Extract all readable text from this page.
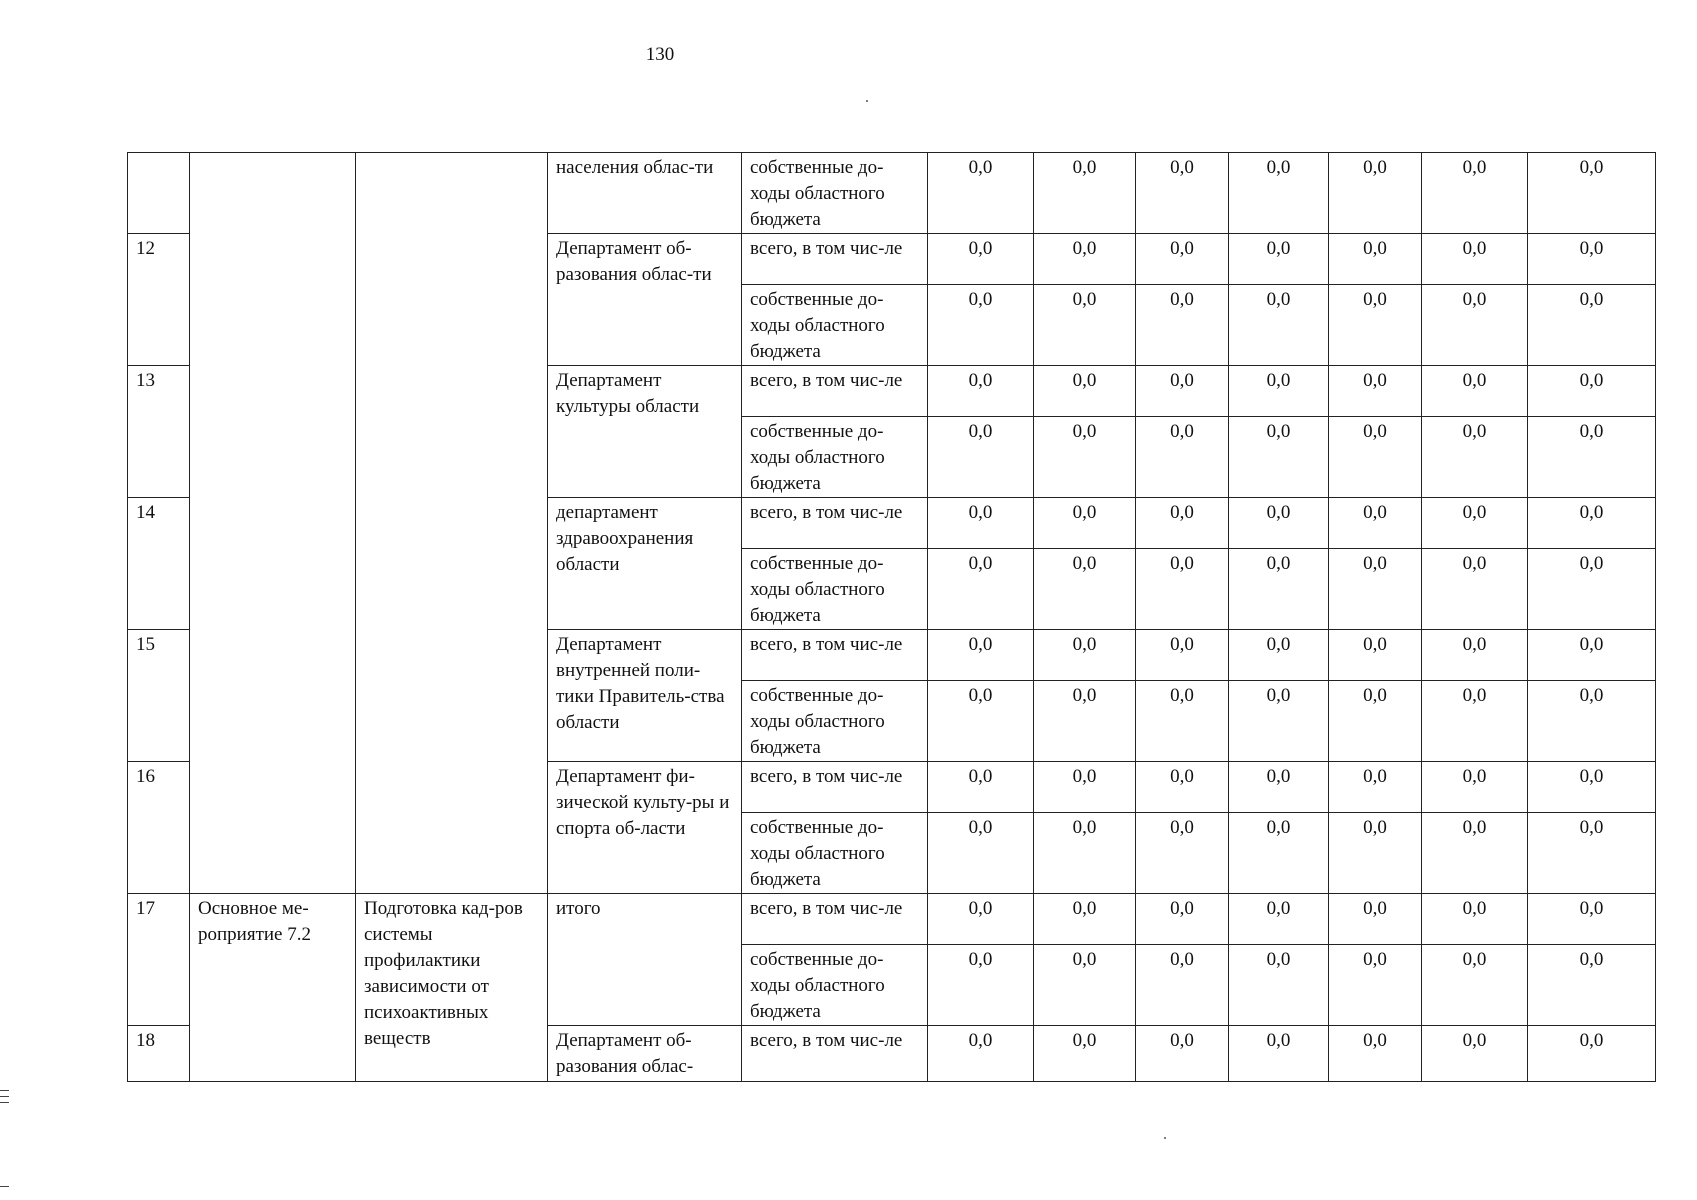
130
			населения облас-ти	собственные до-ходы областного бюджета	0,0	0,0	0,0	0,0	0,0	0,0	0,0
12			Департамент об-разования облас-ти	всего, в том чис-ле	0,0	0,0	0,0	0,0	0,0	0,0	0,0
				собственные до-ходы областного бюджета	0,0	0,0	0,0	0,0	0,0	0,0	0,0
13			Департамент культуры области	всего, в том чис-ле	0,0	0,0	0,0	0,0	0,0	0,0	0,0
				собственные до-ходы областного бюджета	0,0	0,0	0,0	0,0	0,0	0,0	0,0
14			департамент здравоохранения области	всего, в том чис-ле	0,0	0,0	0,0	0,0	0,0	0,0	0,0
				собственные до-ходы областного бюджета	0,0	0,0	0,0	0,0	0,0	0,0	0,0
15			Департамент внутренней поли-тики Правитель-ства области	всего, в том чис-ле	0,0	0,0	0,0	0,0	0,0	0,0	0,0
				собственные до-ходы областного бюджета	0,0	0,0	0,0	0,0	0,0	0,0	0,0
16			Департамент фи-зической культу-ры и спорта об-ласти	всего, в том чис-ле	0,0	0,0	0,0	0,0	0,0	0,0	0,0
				собственные до-ходы областного бюджета	0,0	0,0	0,0	0,0	0,0	0,0	0,0
17	Основное ме-роприятие 7.2	Подготовка кад-ров системы профилактики зависимости от психоактивных веществ	итого	всего, в том чис-ле	0,0	0,0	0,0	0,0	0,0	0,0	0,0
				собственные до-ходы областного бюджета	0,0	0,0	0,0	0,0	0,0	0,0	0,0
18			Департамент об-разования облас-	всего, в том чис-ле	0,0	0,0	0,0	0,0	0,0	0,0	0,0
